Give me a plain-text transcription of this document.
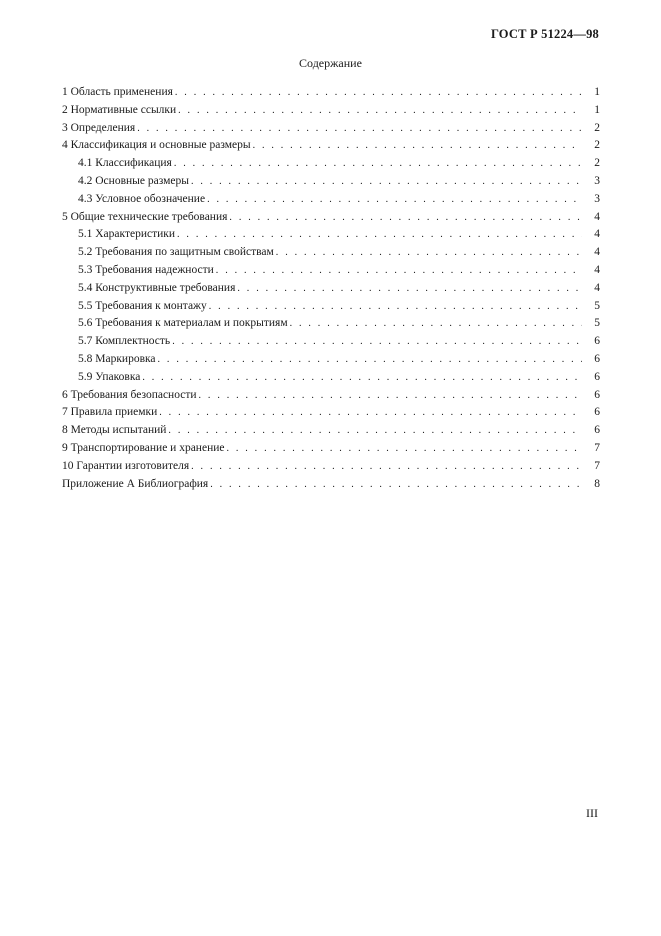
ГОСТ Р 51224—98
Содержание
1 Область применения . . .	1
2 Нормативные ссылки . . .	1
3 Определения . . .	2
4 Классификация и основные размеры . . .	2
4.1 Классификация . . .	2
4.2 Основные размеры . . .	3
4.3 Условное обозначение . . .	3
5 Общие технические требования . . .	4
5.1 Характеристики . . .	4
5.2 Требования по защитным свойствам . . .	4
5.3 Требования надежности . . .	4
5.4 Конструктивные требования . . .	4
5.5 Требования к монтажу . . .	5
5.6 Требования к материалам и покрытиям . . .	5
5.7 Комплектность . . .	6
5.8 Маркировка . . .	6
5.9 Упаковка . . .	6
6 Требования безопасности . . .	6
7 Правила приемки . . .	6
8 Методы испытаний . . .	6
9 Транспортирование и хранение . . .	7
10 Гарантии изготовителя . . .	7
Приложение А Библиография . . .	8
III
